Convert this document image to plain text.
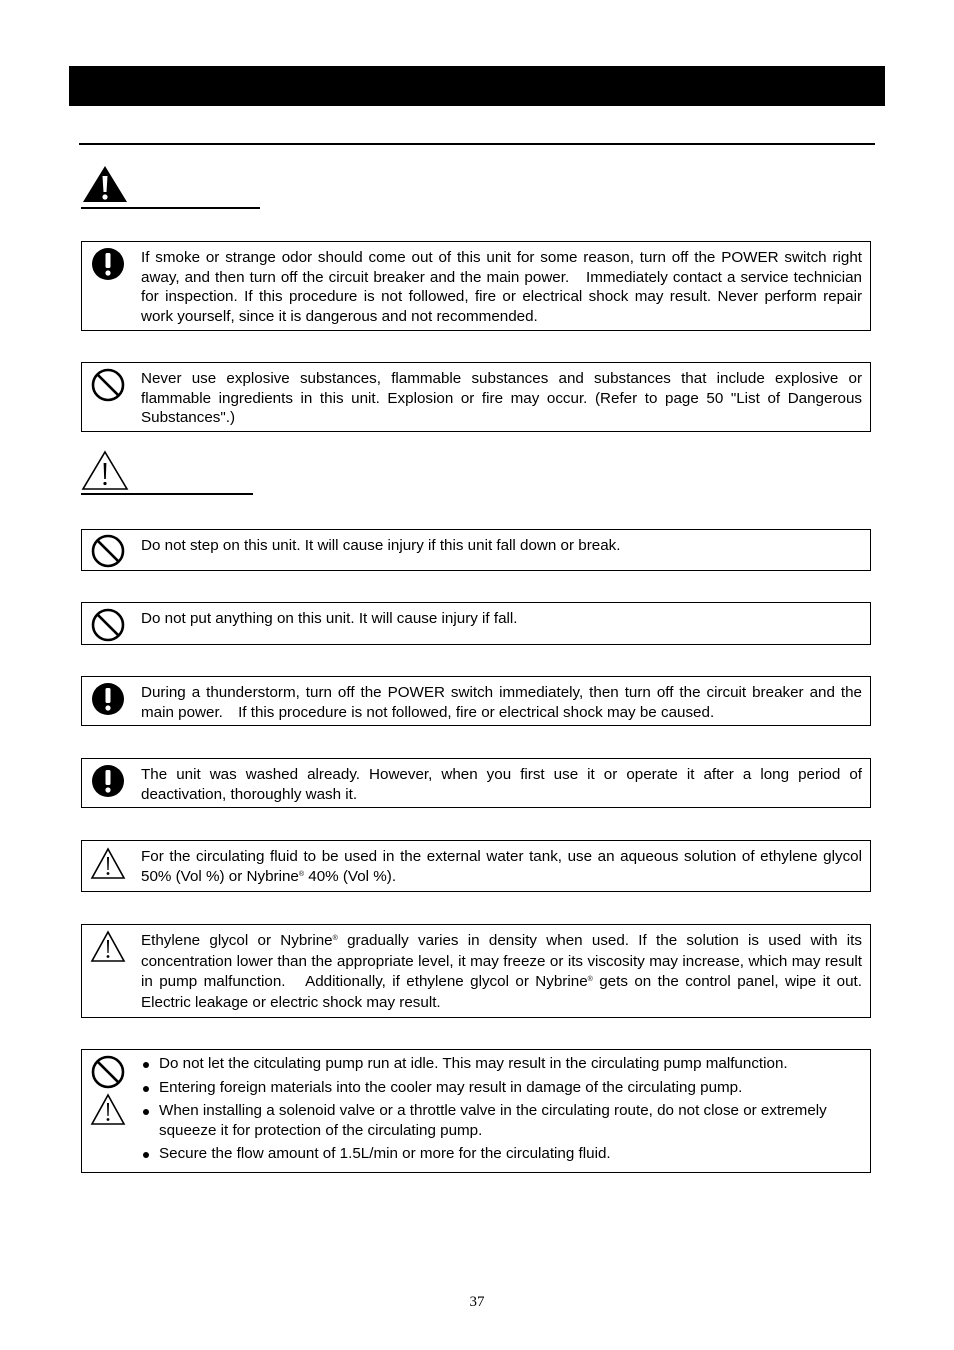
If smoke or strange odor should come out of this unit for some reason, turn off the POWER switch right away, and then turn off the circuit breaker and the main power.　Immediately contact a service technician for inspection. If this procedure is not followed, fire or electrical shock may result. Never perform repair work yourself, since it is dangerous and not recommended.
Never use explosive substances, flammable substances and substances that include explosive or flammable ingredients in this unit. Explosion or fire may occur. (Refer to page 50 "List of Dangerous Substances".)
Do not step on this unit. It will cause injury if this unit fall down or break.
Do not put anything on this unit. It will cause injury if fall.
During a thunderstorm, turn off the POWER switch immediately, then turn off the circuit breaker and the main power.　If this procedure is not followed, fire or electrical shock may be caused.
The unit was washed already. However, when you first use it or operate it after a long period of deactivation, thoroughly wash it.
For the circulating fluid to be used in the external water tank, use an aqueous solution of ethylene glycol 50% (Vol %) or Nybrine® 40% (Vol %).
Ethylene glycol or Nybrine® gradually varies in density when used. If the solution is used with its concentration lower than the appropriate level, it may freeze or its viscosity may increase, which may result in pump malfunction.　Additionally, if ethylene glycol or Nybrine® gets on the control panel, wipe it out. Electric leakage or electric shock may result.
Do not let the citculating pump run at idle. This may result in the circulating pump malfunction.
Entering foreign materials into the cooler may result in damage of the circulating pump.
When installing a solenoid valve or a throttle valve in the circulating route, do not close or extremely squeeze it for protection of the circulating pump.
Secure the flow amount of 1.5L/min or more for the circulating fluid.
37
